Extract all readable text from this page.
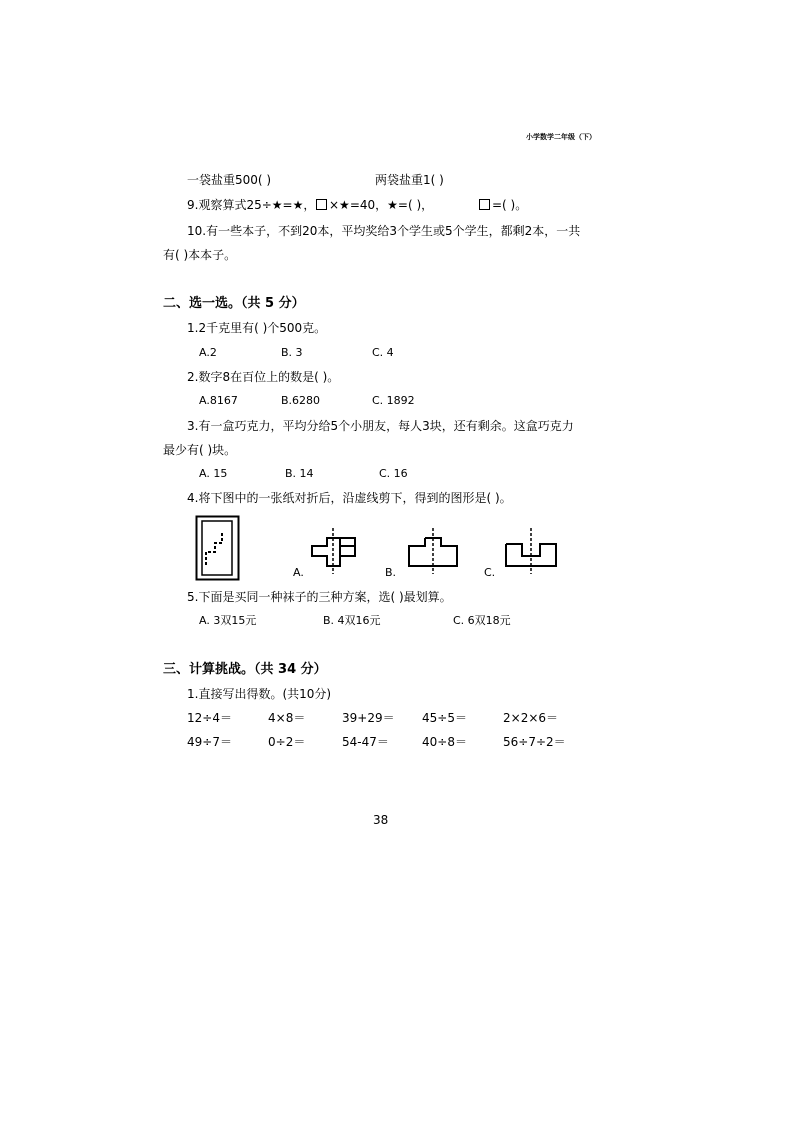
小学数学二年级（下）
一袋盐重500( )	两袋盐重1( )
9.观察算式25÷★=★， ×★=40，★=( )，	=( )。
10.有一些本子，不到20本，平均奖给3个学生或5个学生，都剩2本，一共
有( )本本子。
二、选一选。（共 5 分）
1.2千克里有( )个500克。
A.2	B. 3	C. 4
2.数字8在百位上的数是( )。
A.8167	B.6280	C. 1892
3.有一盒巧克力，平均分给5个小朋友，每人3块，还有剩余。这盒巧克力
最少有( )块。
A. 15	B. 14	C. 16
4.将下图中的一张纸对折后，沿虚线剪下，得到的图形是( )。
A.	B.	C.
5.下面是买同一种袜子的三种方案，选( )最划算。
A. 3双15元	B. 4双16元	C. 6双18元
三、计算挑战。（共 34 分）
1.直接写出得数。(共10分)
12÷4＝	4×8＝	39+29＝ 45÷5＝	2×2×6＝
49÷7＝	0÷2＝	54-47＝	40÷8＝	56÷7÷2＝
38
